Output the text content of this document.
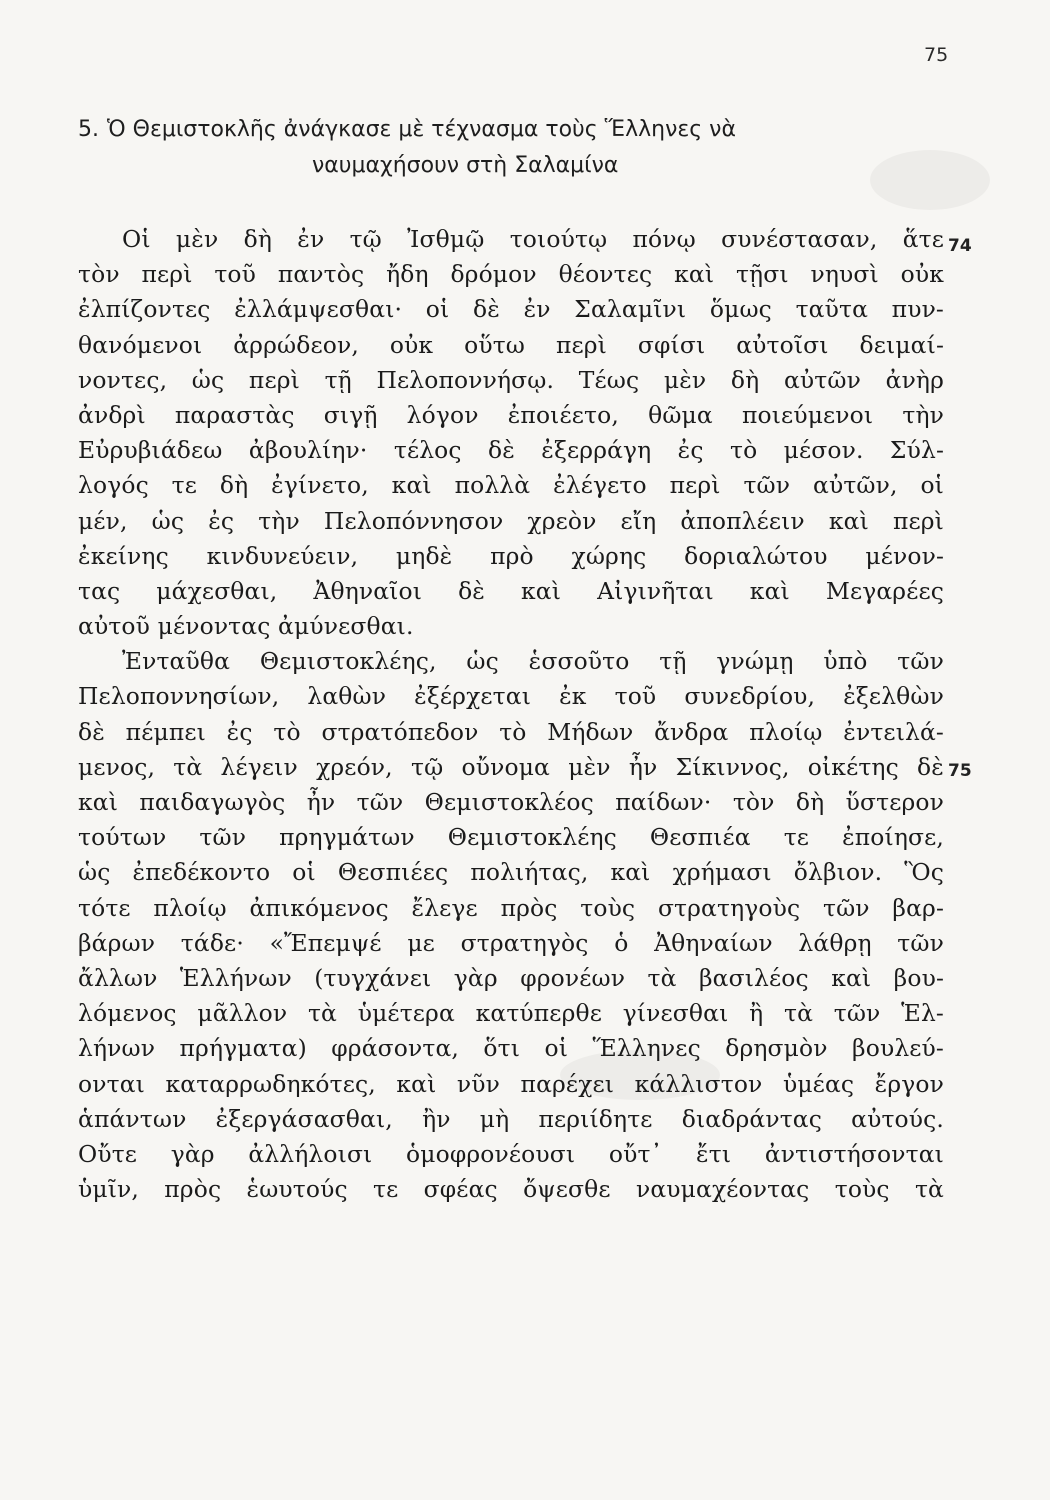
75
5. Ὁ Θεμιστοκλῆς ἀνάγκασε μὲ τέχνασμα τοὺς Ἕλληνες νὰ
ναυμαχήσουν στὴ Σαλαμίνα
74
75
Οἱ μὲν δὴ ἐν τῷ Ἰσθμῷ τοιούτῳ πόνῳ συνέστασαν, ἅτε
τὸν περὶ τοῦ παντὸς ἤδη δρόμον θέοντες καὶ τῇσι νηυσὶ οὐκ
ἐλπίζοντες ἐλλάμψεσθαι· οἱ δὲ ἐν Σαλαμῖνι ὅμως ταῦτα πυν-
θανόμενοι ἀρρώδεον, οὐκ οὕτω περὶ σφίσι αὐτοῖσι δειμαί-
νοντες, ὡς περὶ τῇ Πελοποννήσῳ. Τέως μὲν δὴ αὐτῶν ἀνὴρ
ἀνδρὶ παραστὰς σιγῇ λόγον ἐποιέετο, θῶμα ποιεύμενοι τὴν
Εὐρυβιάδεω ἀβουλίην· τέλος δὲ ἐξερράγη ἐς τὸ μέσον. Σύλ-
λογός τε δὴ ἐγίνετο, καὶ πολλὰ ἐλέγετο περὶ τῶν αὐτῶν, οἱ
μέν, ὡς ἐς τὴν Πελοπόννησον χρεὸν εἴη ἀποπλέειν καὶ περὶ
ἐκείνης κινδυνεύειν, μηδὲ πρὸ χώρης δοριαλώτου μένον-
τας μάχεσθαι, Ἀθηναῖοι δὲ καὶ Αἰγινῆται καὶ Μεγαρέες
αὐτοῦ μένοντας ἀμύνεσθαι.
Ἐνταῦθα Θεμιστοκλέης, ὡς ἑσσοῦτο τῇ γνώμῃ ὑπὸ τῶν
Πελοποννησίων, λαθὼν ἐξέρχεται ἐκ τοῦ συνεδρίου, ἐξελθὼν
δὲ πέμπει ἐς τὸ στρατόπεδον τὸ Μήδων ἄνδρα πλοίῳ ἐντειλά-
μενος, τὰ λέγειν χρεόν, τῷ οὔνομα μὲν ἦν Σίκιννος, οἰκέτης δὲ
καὶ παιδαγωγὸς ἦν τῶν Θεμιστοκλέος παίδων· τὸν δὴ ὕστερον
τούτων τῶν πρηγμάτων Θεμιστοκλέης Θεσπιέα τε ἐποίησε,
ὡς ἐπεδέκοντο οἱ Θεσπιέες πολιήτας, καὶ χρήμασι ὄλβιον. Ὃς
τότε πλοίῳ ἀπικόμενος ἔλεγε πρὸς τοὺς στρατηγοὺς τῶν βαρ-
βάρων τάδε· «Ἔπεμψέ με στρατηγὸς ὁ Ἀθηναίων λάθρῃ τῶν
ἄλλων Ἑλλήνων (τυγχάνει γὰρ φρονέων τὰ βασιλέος καὶ βου-
λόμενος μᾶλλον τὰ ὑμέτερα κατύπερθε γίνεσθαι ἢ τὰ τῶν Ἑλ-
λήνων πρήγματα) φράσοντα, ὅτι οἱ Ἕλληνες δρησμὸν βουλεύ-
ονται καταρρωδηκότες, καὶ νῦν παρέχει κάλλιστον ὑμέας ἔργον
ἁπάντων ἐξεργάσασθαι, ἢν μὴ περιίδητε διαδράντας αὐτούς.
Οὔτε γὰρ ἀλλήλοισι ὁμοφρονέουσι οὔτ᾽ ἔτι ἀντιστήσονται
ὑμῖν, πρὸς ἑωυτούς τε σφέας ὄψεσθε ναυμαχέοντας τοὺς τὰ
